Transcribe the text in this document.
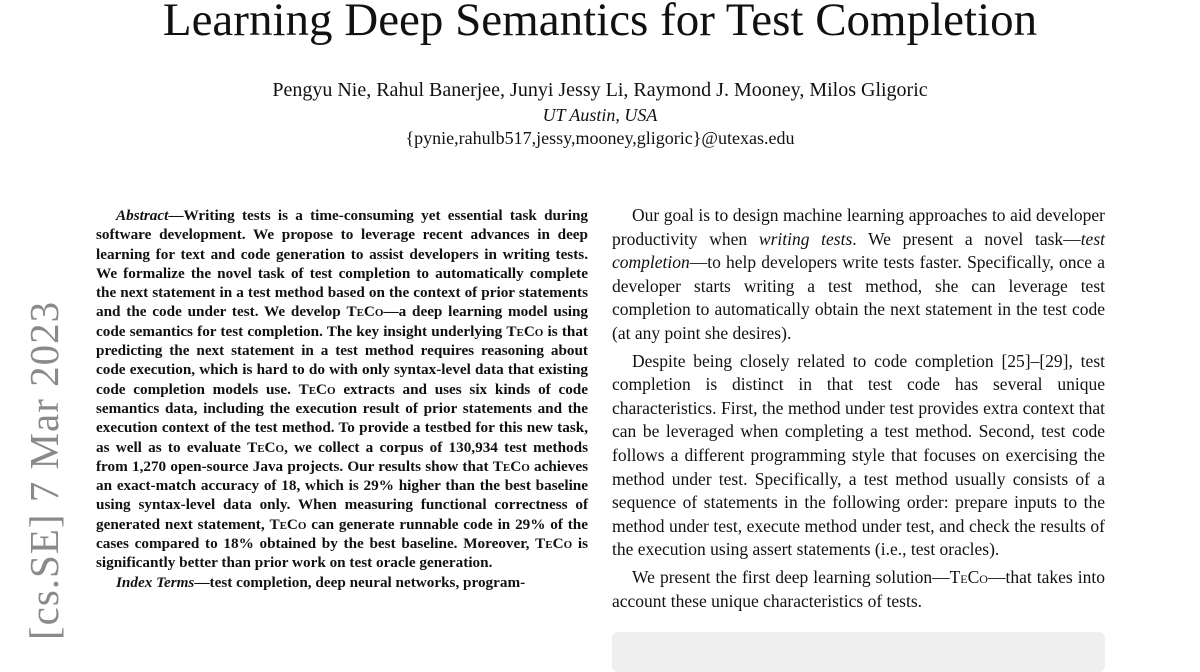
Learning Deep Semantics for Test Completion
Pengyu Nie, Rahul Banerjee, Junyi Jessy Li, Raymond J. Mooney, Milos Gligoric
UT Austin, USA
{pynie,rahulb517,jessy,mooney,gligoric}@utexas.edu
[cs.SE] 7 Mar 2023

Abstract—Writing tests is a time-consuming yet essential task during software development. We propose to leverage recent advances in deep learning for text and code generation to assist developers in writing tests. We formalize the novel task of test completion to automatically complete the next statement in a test method based on the context of prior statements and the code under test. We develop TeCo—a deep learning model using code semantics for test completion. The key insight underlying TeCo is that predicting the next statement in a test method requires reasoning about code execution, which is hard to do with only syntax-level data that existing code completion models use. TeCo extracts and uses six kinds of code semantics data, including the execution result of prior statements and the execution context of the test method. To provide a testbed for this new task, as well as to evaluate TeCo, we collect a corpus of 130,934 test methods from 1,270 open-source Java projects. Our results show that TeCo achieves an exact-match accuracy of 18, which is 29% higher than the best baseline using syntax-level data only. When measuring functional correctness of generated next statement, TeCo can generate runnable code in 29% of the cases compared to 18% obtained by the best baseline. Moreover, TeCo is significantly better than prior work on test oracle generation.

Index Terms—test completion, deep neural networks, program-

Our goal is to design machine learning approaches to aid developer productivity when writing tests. We present a novel task—test completion—to help developers write tests faster. Specifically, once a developer starts writing a test method, she can leverage test completion to automatically obtain the next statement in the test code (at any point she desires).

Despite being closely related to code completion [25]–[29], test completion is distinct in that test code has several unique characteristics. First, the method under test provides extra context that can be leveraged when completing a test method. Second, test code follows a different programming style that focuses on exercising the method under test. Specifically, a test method usually consists of a sequence of statements in the following order: prepare inputs to the method under test, execute method under test, and check the results of the execution using assert statements (i.e., test oracles).

We present the first deep learning solution—TeCo—that takes into account these unique characteristics of tests.
